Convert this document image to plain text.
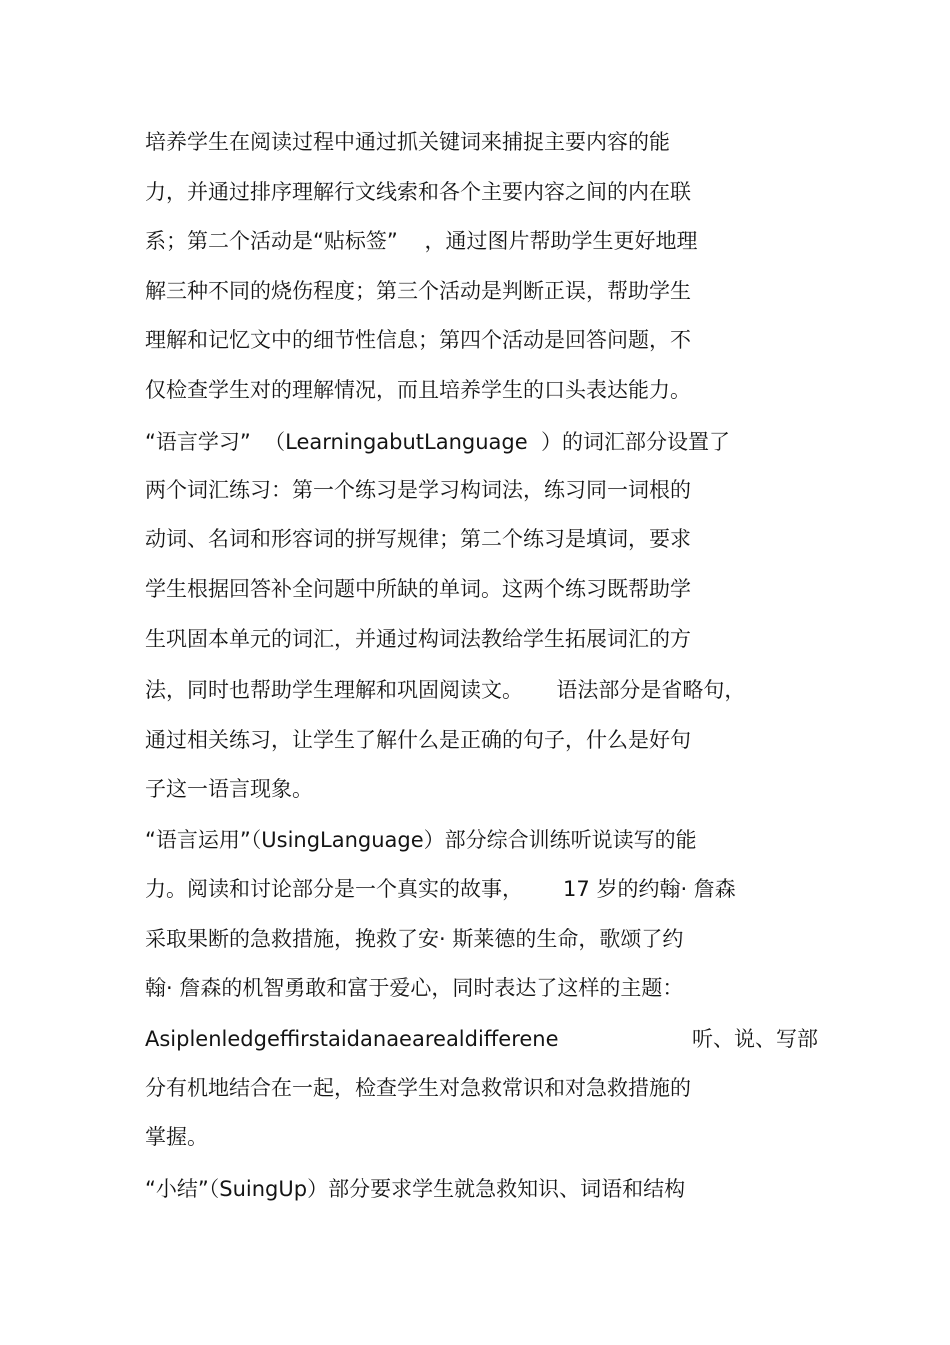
培养学生在阅读过程中通过抓关键词来捕捉主要内容的能
力，并通过排序理解行文线索和各个主要内容之间的内在联
系；第二个活动是“贴标签”    ，通过图片帮助学生更好地理
解三种不同的烧伤程度；第三个活动是判断正误，帮助学生
理解和记忆文中的细节性信息；第四个活动是回答问题，不
仅检查学生对的理解情况，而且培养学生的口头表达能力。
“语言学习”  （LearningabutLanguage  ）的词汇部分设置了
两个词汇练习：第一个练习是学习构词法，练习同一词根的
动词、名词和形容词的拼写规律；第二个练习是填词，要求
学生根据回答补全问题中所缺的单词。这两个练习既帮助学
生巩固本单元的词汇，并通过构词法教给学生拓展词汇的方
法，同时也帮助学生理解和巩固阅读文。     语法部分是省略句，
通过相关练习，让学生了解什么是正确的句子，什么是好句
子这一语言现象。
“语言运用”（UsingLanguage）部分综合训练听说读写的能
力。阅读和讨论部分是一个真实的故事，      17 岁的约翰· 詹森
采取果断的急救措施，挽救了安· 斯莱德的生命，歌颂了约
翰· 詹森的机智勇敢和富于爱心，同时表达了这样的主题：
Asiplenledgeffirstaidanaearealdifferene                    听、说、写部
分有机地结合在一起，检查学生对急救常识和对急救措施的
掌握。
“小结”（SuingUp）部分要求学生就急救知识、词语和结构
